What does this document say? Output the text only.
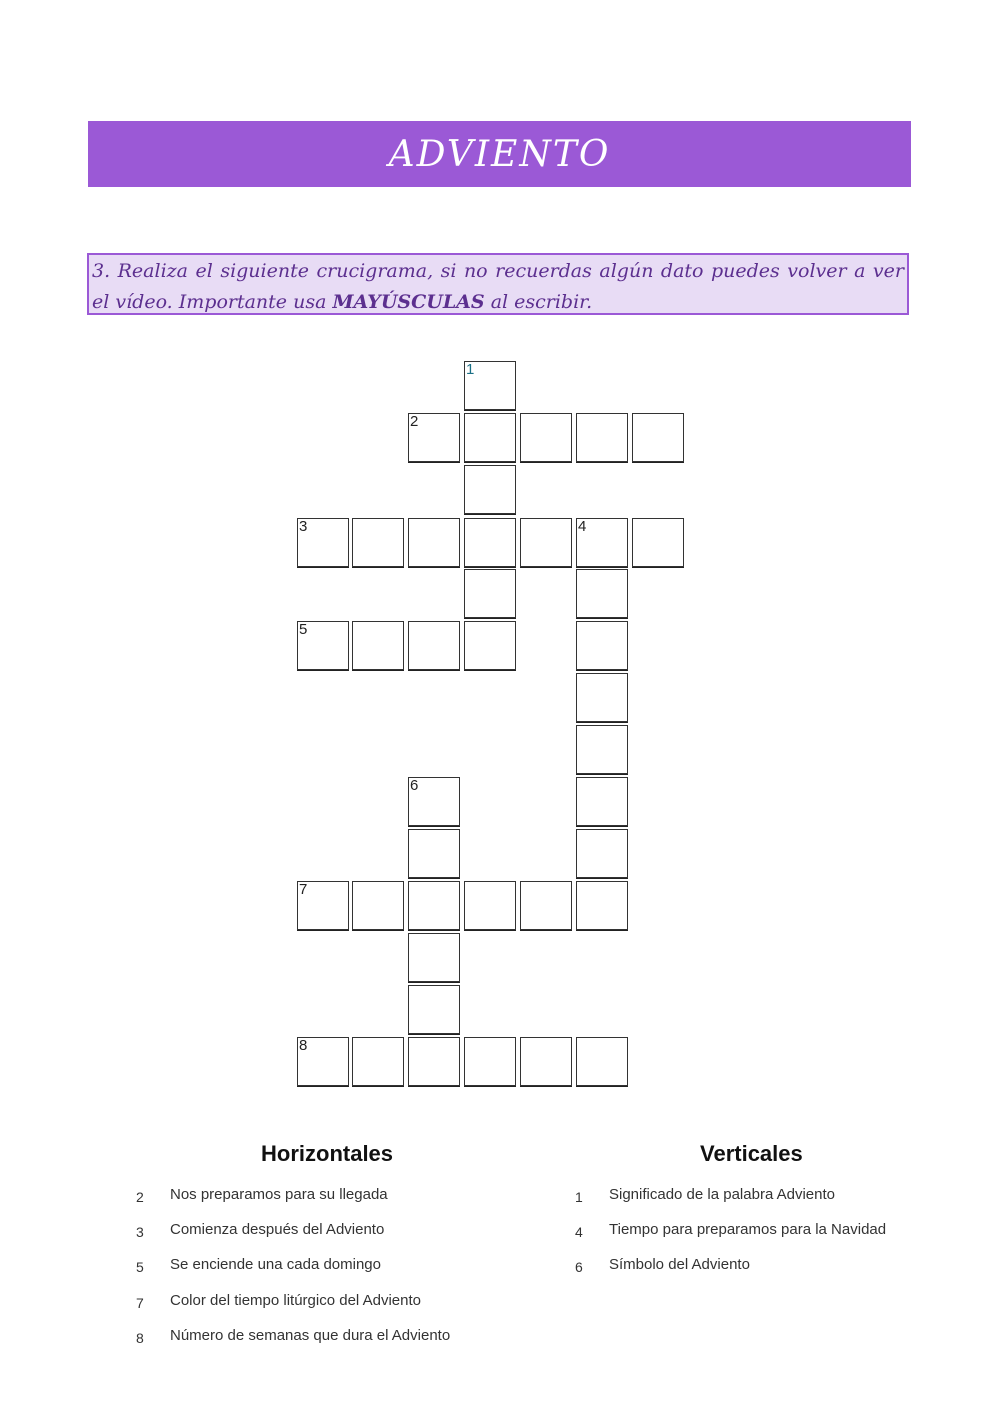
ADVIENTO
3. Realiza el siguiente crucigrama, si no recuerdas algún dato puedes volver a ver el vídeo. Importante usa MAYÚSCULAS al escribir.
1
2
3	4
5
6
7
8
Horizontales	Verticales
2 Nos preparamos para su llegada
3 Comienza después del Adviento
5 Se enciende una cada domingo
7 Color del tiempo litúrgico del Adviento
8 Número de semanas que dura el Adviento
1 Significado de la palabra Adviento
4 Tiempo para preparamos para la Navidad
6 Símbolo del Adviento
